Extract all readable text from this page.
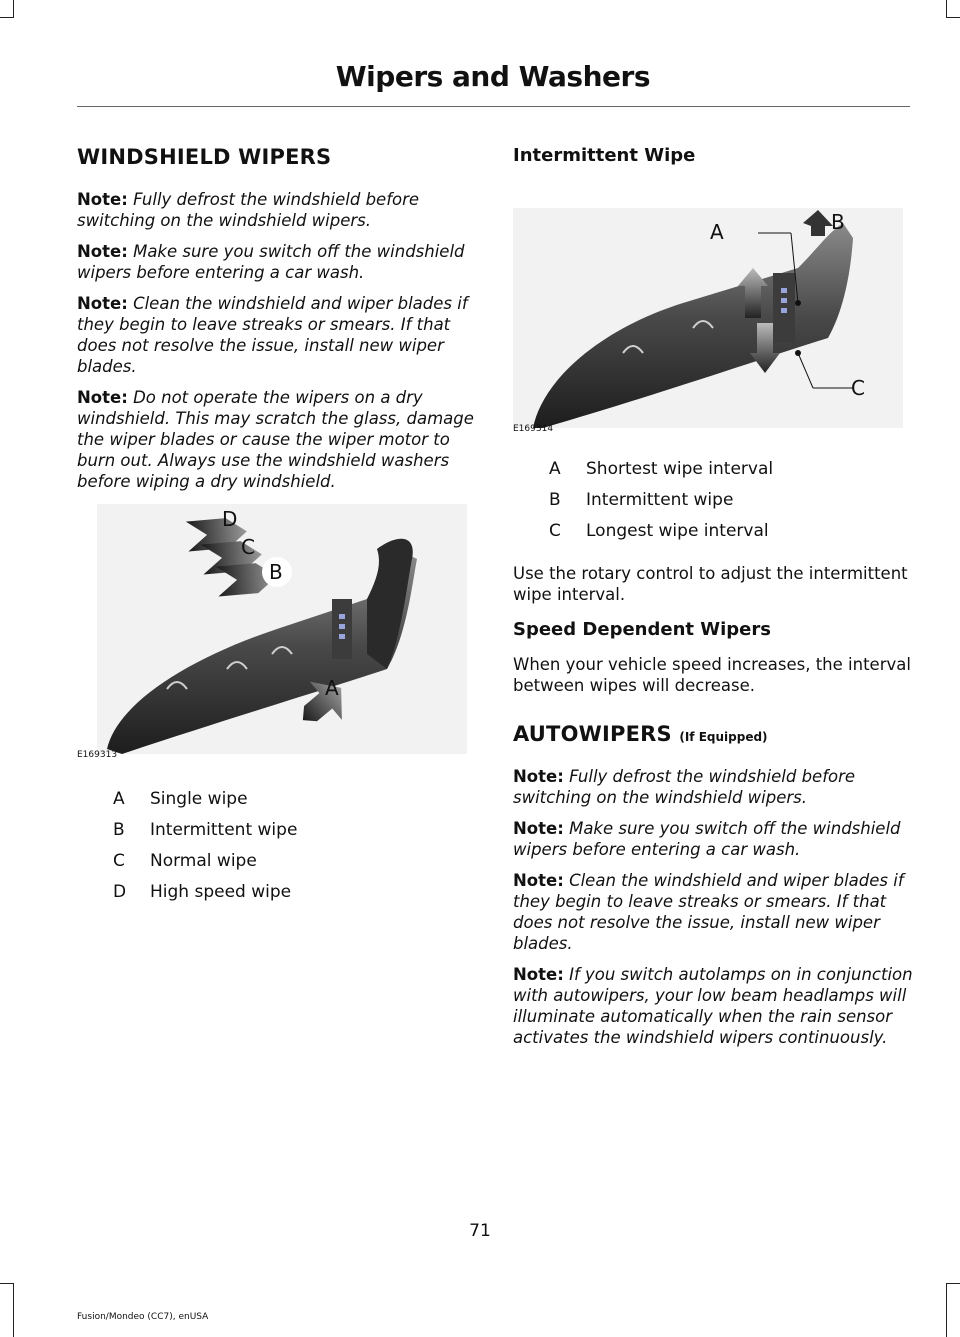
Wipers and Washers
WINDSHIELD WIPERS

Note: Fully defrost the windshield before switching on the windshield wipers.

Note: Make sure you switch off the windshield wipers before entering a car wash.

Note: Clean the windshield and wiper blades if they begin to leave streaks or smears. If that does not resolve the issue, install new wiper blades.

Note: Do not operate the wipers on a dry windshield. This may scratch the glass, damage the wiper blades or cause the wiper motor to burn out. Always use the windshield washers before wiping a dry windshield.

D
C
B
A
E169313
A	Single wipe
B	Intermittent wipe
C	Normal wipe
D	High speed wipe
Intermittent Wipe
A	B
C
E169314
A	Shortest wipe interval
B	Intermittent wipe
C	Longest wipe interval

Use the rotary control to adjust the intermittent wipe interval.

Speed Dependent Wipers

When your vehicle speed increases, the interval between wipes will decrease.

AUTOWIPERS (If Equipped)

Note: Fully defrost the windshield before switching on the windshield wipers.

Note: Make sure you switch off the windshield wipers before entering a car wash.

Note: Clean the windshield and wiper blades if they begin to leave streaks or smears. If that does not resolve the issue, install new wiper blades.

Note: If you switch autolamps on in conjunction with autowipers, your low beam headlamps will illuminate automatically when the rain sensor activates the windshield wipers continuously.

71
Fusion/Mondeo (CC7), enUSA
